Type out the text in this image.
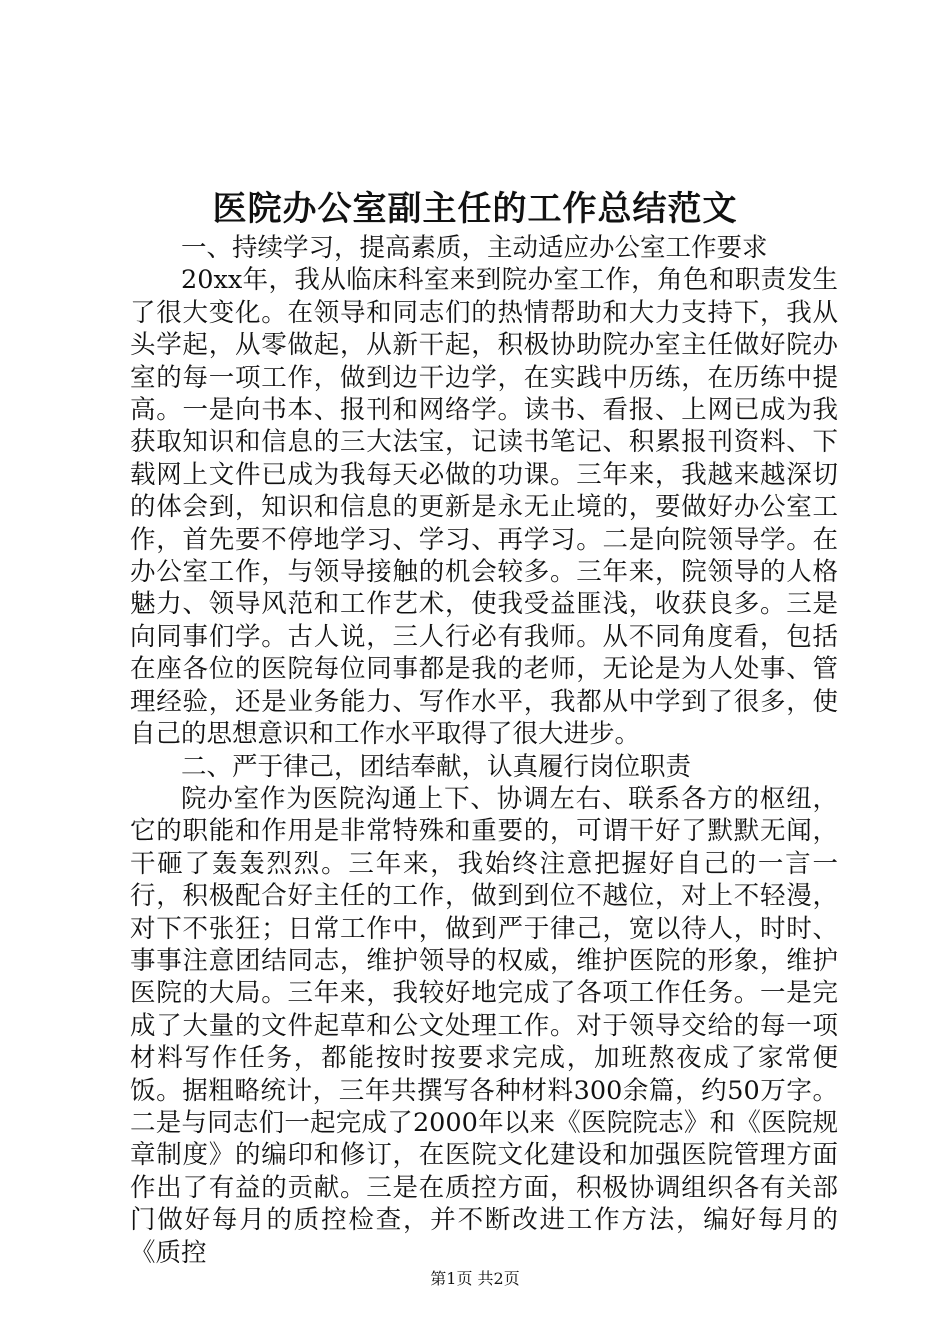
医院办公室副主任的工作总结范文

一、持续学习，提高素质，主动适应办公室工作要求

20xx年，我从临床科室来到院办室工作，角色和职责发生了很大变化。在领导和同志们的热情帮助和大力支持下，我从头学起，从零做起，从新干起，积极协助院办室主任做好院办室的每一项工作，做到边干边学，在实践中历练，在历练中提高。一是向书本、报刊和网络学。读书、看报、上网已成为我获取知识和信息的三大法宝，记读书笔记、积累报刊资料、下载网上文件已成为我每天必做的功课。三年来，我越来越深切的体会到，知识和信息的更新是永无止境的，要做好办公室工作，首先要不停地学习、学习、再学习。二是向院领导学。在办公室工作，与领导接触的机会较多。三年来，院领导的人格魅力、领导风范和工作艺术，使我受益匪浅，收获良多。三是向同事们学。古人说，三人行必有我师。从不同角度看，包括在座各位的医院每位同事都是我的老师，无论是为人处事、管理经验，还是业务能力、写作水平，我都从中学到了很多，使自己的思想意识和工作水平取得了很大进步。

二、严于律己，团结奉献，认真履行岗位职责

院办室作为医院沟通上下、协调左右、联系各方的枢纽，它的职能和作用是非常特殊和重要的，可谓干好了默默无闻，干砸了轰轰烈烈。三年来，我始终注意把握好自己的一言一行，积极配合好主任的工作，做到到位不越位，对上不轻漫，对下不张狂；日常工作中，做到严于律己，宽以待人，时时、事事注意团结同志，维护领导的权威，维护医院的形象，维护医院的大局。三年来，我较好地完成了各项工作任务。一是完成了大量的文件起草和公文处理工作。对于领导交给的每一项材料写作任务，都能按时按要求完成，加班熬夜成了家常便饭。据粗略统计，三年共撰写各种材料300余篇，约50万字。二是与同志们一起完成了2000年以来《医院院志》和《医院规章制度》的编印和修订，在医院文化建设和加强医院管理方面作出了有益的贡献。三是在质控方面，积极协调组织各有关部门做好每月的质控检查，并不断改进工作方法，编好每月的《质控

第1页 共2页
